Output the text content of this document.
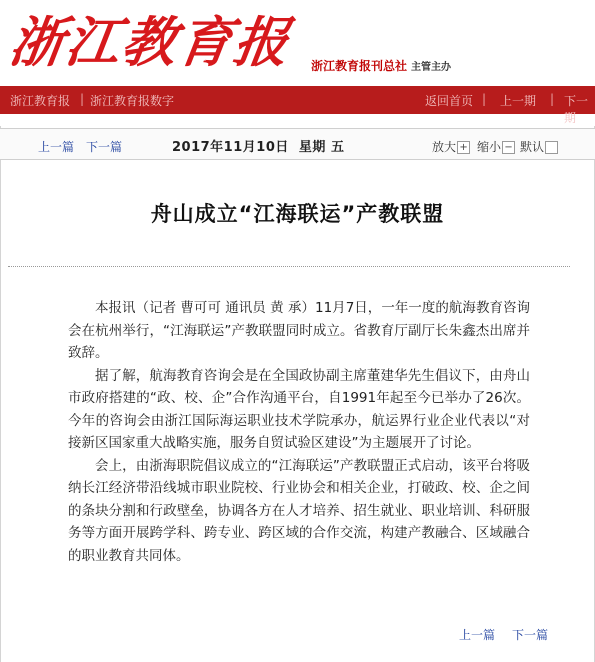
浙江教育报 浙江教育报刊总社 主管主办
浙江教育报 | 浙江教育报数字	返回首页 | 上一期 | 下一期
上一篇 下一篇	2017年11月10日  星期 五	放大 + 缩小 − 默认
舟山成立“江海联运”产教联盟

本报讯（记者 曹可可 通讯员 黄 承）11月7日，一年一度的航海教育咨询会在杭州举行，“江海联运”产教联盟同时成立。省教育厅副厅长朱鑫杰出席并致辞。

据了解，航海教育咨询会是在全国政协副主席董建华先生倡议下，由舟山市政府搭建的“政、校、企”合作沟通平台，自1991年起至今已举办了26次。今年的咨询会由浙江国际海运职业技术学院承办，航运界行业企业代表以“对接新区国家重大战略实施，服务自贸试验区建设”为主题展开了讨论。

会上，由浙海职院倡议成立的“江海联运”产教联盟正式启动，该平台将吸纳长江经济带沿线城市职业院校、行业协会和相关企业，打破政、校、企之间的条块分割和行政壁垒，协调各方在人才培养、招生就业、职业培训、科研服务等方面开展跨学科、跨专业、跨区域的合作交流，构建产教融合、区域融合的职业教育共同体。

上一篇 下一篇
